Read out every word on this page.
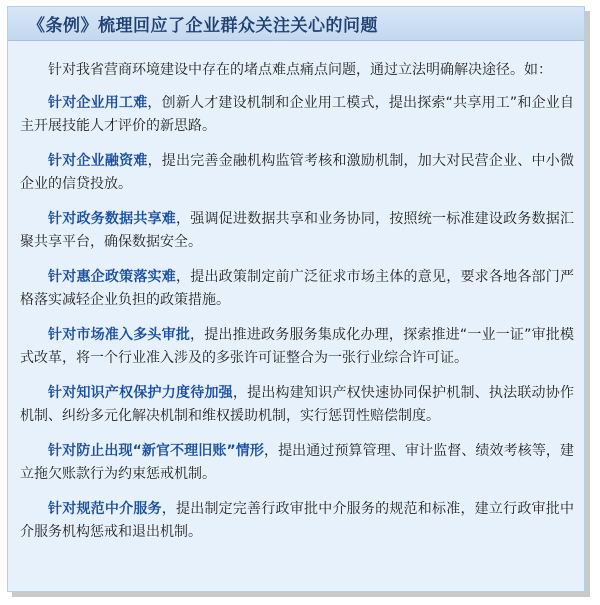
《条例》梳理回应了企业群众关注关心的问题

针对我省营商环境建设中存在的堵点难点痛点问题，通过立法明确解决途径。如：

针对企业用工难，创新人才建设机制和企业用工模式，提出探索“共享用工”和企业自主开展技能人才评价的新思路。

针对企业融资难，提出完善金融机构监管考核和激励机制，加大对民营企业、中小微企业的信贷投放。

针对政务数据共享难，强调促进数据共享和业务协同，按照统一标准建设政务数据汇聚共享平台，确保数据安全。

针对惠企政策落实难，提出政策制定前广泛征求市场主体的意见，要求各地各部门严格落实减轻企业负担的政策措施。

针对市场准入多头审批，提出推进政务服务集成化办理，探索推进“一业一证”审批模式改革，将一个行业准入涉及的多张许可证整合为一张行业综合许可证。

针对知识产权保护力度待加强，提出构建知识产权快速协同保护机制、执法联动协作机制、纠纷多元化解决机制和维权援助机制，实行惩罚性赔偿制度。

针对防止出现“新官不理旧账”情形，提出通过预算管理、审计监督、绩效考核等，建立拖欠账款行为约束惩戒机制。

针对规范中介服务，提出制定完善行政审批中介服务的规范和标准，建立行政审批中介服务机构惩戒和退出机制。
